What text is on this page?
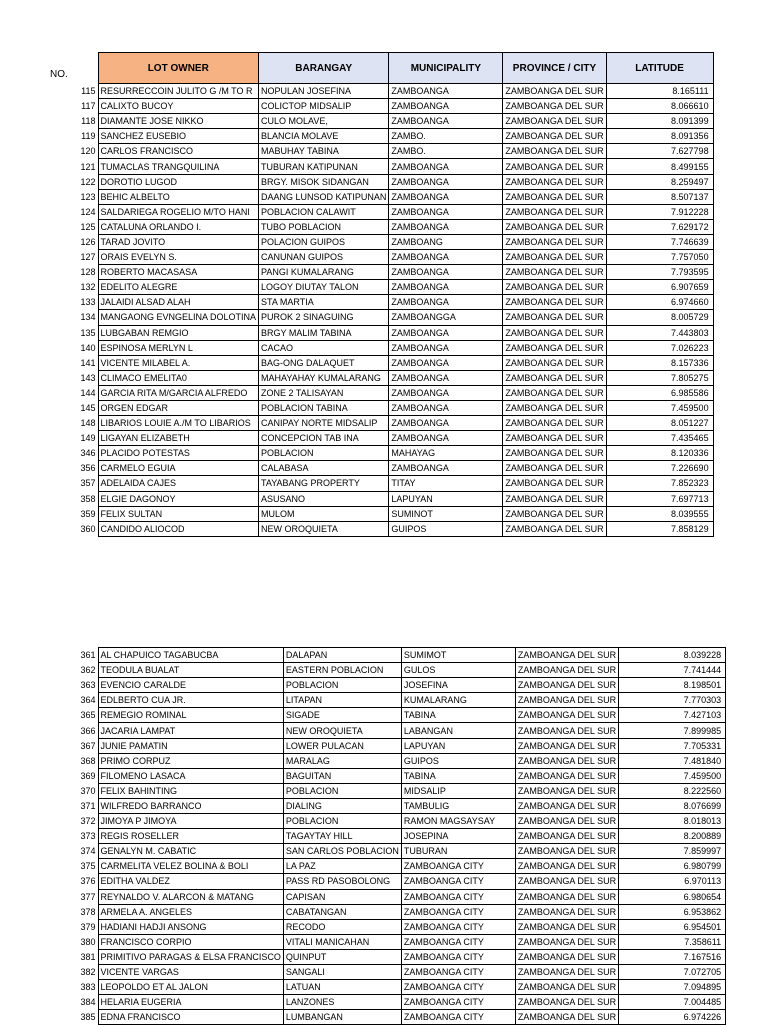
NO.
	LOT OWNER	BARANGAY	MUNICIPALITY	PROVINCE / CITY	LATITUDE
115	RESURRECCOIN JULITO G /M TO R	NOPULAN JOSEFINA	ZAMBOANGA	ZAMBOANGA DEL SUR	8.165111
117	CALIXTO BUCOY	COLICTOP MIDSALIP	ZAMBOANGA	ZAMBOANGA DEL SUR	8.066610
118	DIAMANTE JOSE NIKKO	CULO MOLAVE,	ZAMBOANGA	ZAMBOANGA DEL SUR	8.091399
119	SANCHEZ EUSEBIO	BLANCIA MOLAVE	ZAMBO.	ZAMBOANGA DEL SUR	8.091356
120	CARLOS FRANCISCO	MABUHAY TABINA	ZAMBO.	ZAMBOANGA DEL SUR	7.627798
121	TUMACLAS TRANGQUILINA	TUBURAN KATIPUNAN	ZAMBOANGA	ZAMBOANGA DEL SUR	8.499155
122	DOROTIO LUGOD	BRGY. MISOK SIDANGAN	ZAMBOANGA	ZAMBOANGA DEL SUR	8.259497
123	BEHIC ALBELTO	DAANG LUNSOD KATIPUNAN	ZAMBOANGA	ZAMBOANGA DEL SUR	8.507137
124	SALDARIEGA ROGELIO M/TO HANI	POBLACION CALAWIT	ZAMBOANGA	ZAMBOANGA DEL SUR	7.912228
125	CATALUNA ORLANDO I.	TUBO POBLACION	ZAMBOANGA	ZAMBOANGA DEL SUR	7.629172
126	TARAD JOVITO	POLACION GUIPOS	ZAMBOANG	ZAMBOANGA DEL SUR	7.746639
127	ORAIS EVELYN S.	CANUNAN GUIPOS	ZAMBOANGA	ZAMBOANGA DEL SUR	7.757050
128	ROBERTO MACASASA	PANGI KUMALARANG	ZAMBOANGA	ZAMBOANGA DEL SUR	7.793595
132	EDELITO ALEGRE	LOGOY DIUTAY TALON	ZAMBOANGA	ZAMBOANGA DEL SUR	6.907659
133	JALAIDI ALSAD ALAH	STA MARTIA	ZAMBOANGA	ZAMBOANGA DEL SUR	6.974660
134	MANGAONG EVNGELINA DOLOTINA	PUROK 2 SINAGUING	ZAMBOANGGA	ZAMBOANGA DEL SUR	8.005729
135	LUBGABAN REMGIO	BRGY MALIM TABINA	ZAMBOANGA	ZAMBOANGA DEL SUR	7.443803
140	ESPINOSA MERLYN L	CACAO	ZAMBOANGA	ZAMBOANGA DEL SUR	7.026223
141	VICENTE MILABEL A.	BAG-ONG DALAQUET	ZAMBOANGA	ZAMBOANGA DEL SUR	8.157336
143	CLIMACO EMELITA0	MAHAYAHAY KUMALARANG	ZAMBOANGA	ZAMBOANGA DEL SUR	7.805275
144	GARCIA RITA M/GARCIA ALFREDO	ZONE 2 TALISAYAN	ZAMBOANGA	ZAMBOANGA DEL SUR	6.985586
145	ORGEN EDGAR	POBLACION TABINA	ZAMBOANGA	ZAMBOANGA DEL SUR	7.459500
148	LIBARIOS LOUIE A./M TO LIBARIOS	CANIPAY NORTE MIDSALIP	ZAMBOANGA	ZAMBOANGA DEL SUR	8.051227
149	LIGAYAN ELIZABETH	CONCEPCION TAB INA	ZAMBOANGA	ZAMBOANGA DEL SUR	7.435465
346	PLACIDO POTESTAS	POBLACION	MAHAYAG	ZAMBOANGA DEL SUR	8.120336
356	CARMELO EGUIA	CALABASA	ZAMBOANGA	ZAMBOANGA DEL SUR	7.226690
357	ADELAIDA CAJES	TAYABANG PROPERTY	TITAY	ZAMBOANGA DEL SUR	7.852323
358	ELGIE DAGONOY	ASUSANO	LAPUYAN	ZAMBOANGA DEL SUR	7.697713
359	FELIX SULTAN	MULOM	SUMINOT	ZAMBOANGA DEL SUR	8.039555
360	CANDIDO ALIOCOD	NEW OROQUIETA	GUIPOS	ZAMBOANGA DEL SUR	7.858129
361	AL CHAPUICO TAGABUCBA	DALAPAN	SUMIMOT	ZAMBOANGA DEL SUR	8.039228
362	TEODULA BUALAT	EASTERN POBLACION	GULOS	ZAMBOANGA DEL SUR	7.741444
363	EVENCIO CARALDE	POBLACION	JOSEFINA	ZAMBOANGA DEL SUR	8.198501
364	EDLBERTO CUA JR.	LITAPAN	KUMALARANG	ZAMBOANGA DEL SUR	7.770303
365	REMEGIO ROMINAL	SIGADE	TABINA	ZAMBOANGA DEL SUR	7.427103
366	JACARIA LAMPAT	NEW OROQUIETA	LABANGAN	ZAMBOANGA DEL SUR	7.899985
367	JUNIE PAMATIN	LOWER PULACAN	LAPUYAN	ZAMBOANGA DEL SUR	7.705331
368	PRIMO CORPUZ	MARALAG	GUIPOS	ZAMBOANGA DEL SUR	7.481840
369	FILOMENO LASACA	BAGUITAN	TABINA	ZAMBOANGA DEL SUR	7.459500
370	FELIX BAHINTING	POBLACION	MIDSALIP	ZAMBOANGA DEL SUR	8.222560
371	WILFREDO BARRANCO	DIALING	TAMBULIG	ZAMBOANGA DEL SUR	8.076699
372	JIMOYA P JIMOYA	POBLACION	RAMON MAGSAYSAY	ZAMBOANGA DEL SUR	8.018013
373	REGIS ROSELLER	TAGAYTAY HILL	JOSEPINA	ZAMBOANGA DEL SUR	8.200889
374	GENALYN M. CABATIC	SAN CARLOS POBLACION	TUBURAN	ZAMBOANGA DEL SUR	7.859997
375	CARMELITA VELEZ BOLINA & BOLI	LA PAZ	ZAMBOANGA CITY	ZAMBOANGA DEL SUR	6.980799
376	EDITHA VALDEZ	PASS RD PASOBOLONG	ZAMBOANGA CITY	ZAMBOANGA DEL SUR	6.970113
377	REYNALDO V. ALARCON & MATANG	CAPISAN	ZAMBOANGA CITY	ZAMBOANGA DEL SUR	6.980654
378	ARMELA A. ANGELES	CABATANGAN	ZAMBOANGA CITY	ZAMBOANGA DEL SUR	6.953862
379	HADIANI HADJI ANSONG	RECODO	ZAMBOANGA CITY	ZAMBOANGA DEL SUR	6.954501
380	FRANCISCO CORPIO	VITALI MANICAHAN	ZAMBOANGA CITY	ZAMBOANGA DEL SUR	7.358611
381	PRIMITIVO PARAGAS & ELSA FRANCISCO	QUINPUT	ZAMBOANGA CITY	ZAMBOANGA DEL SUR	7.167516
382	VICENTE VARGAS	SANGALI	ZAMBOANGA CITY	ZAMBOANGA DEL SUR	7.072705
383	LEOPOLDO ET AL JALON	LATUAN	ZAMBOANGA CITY	ZAMBOANGA DEL SUR	7.094895
384	HELARIA EUGERIA	LANZONES	ZAMBOANGA CITY	ZAMBOANGA DEL SUR	7.004485
385	EDNA FRANCISCO	LUMBANGAN	ZAMBOANGA CITY	ZAMBOANGA DEL SUR	6.974226
